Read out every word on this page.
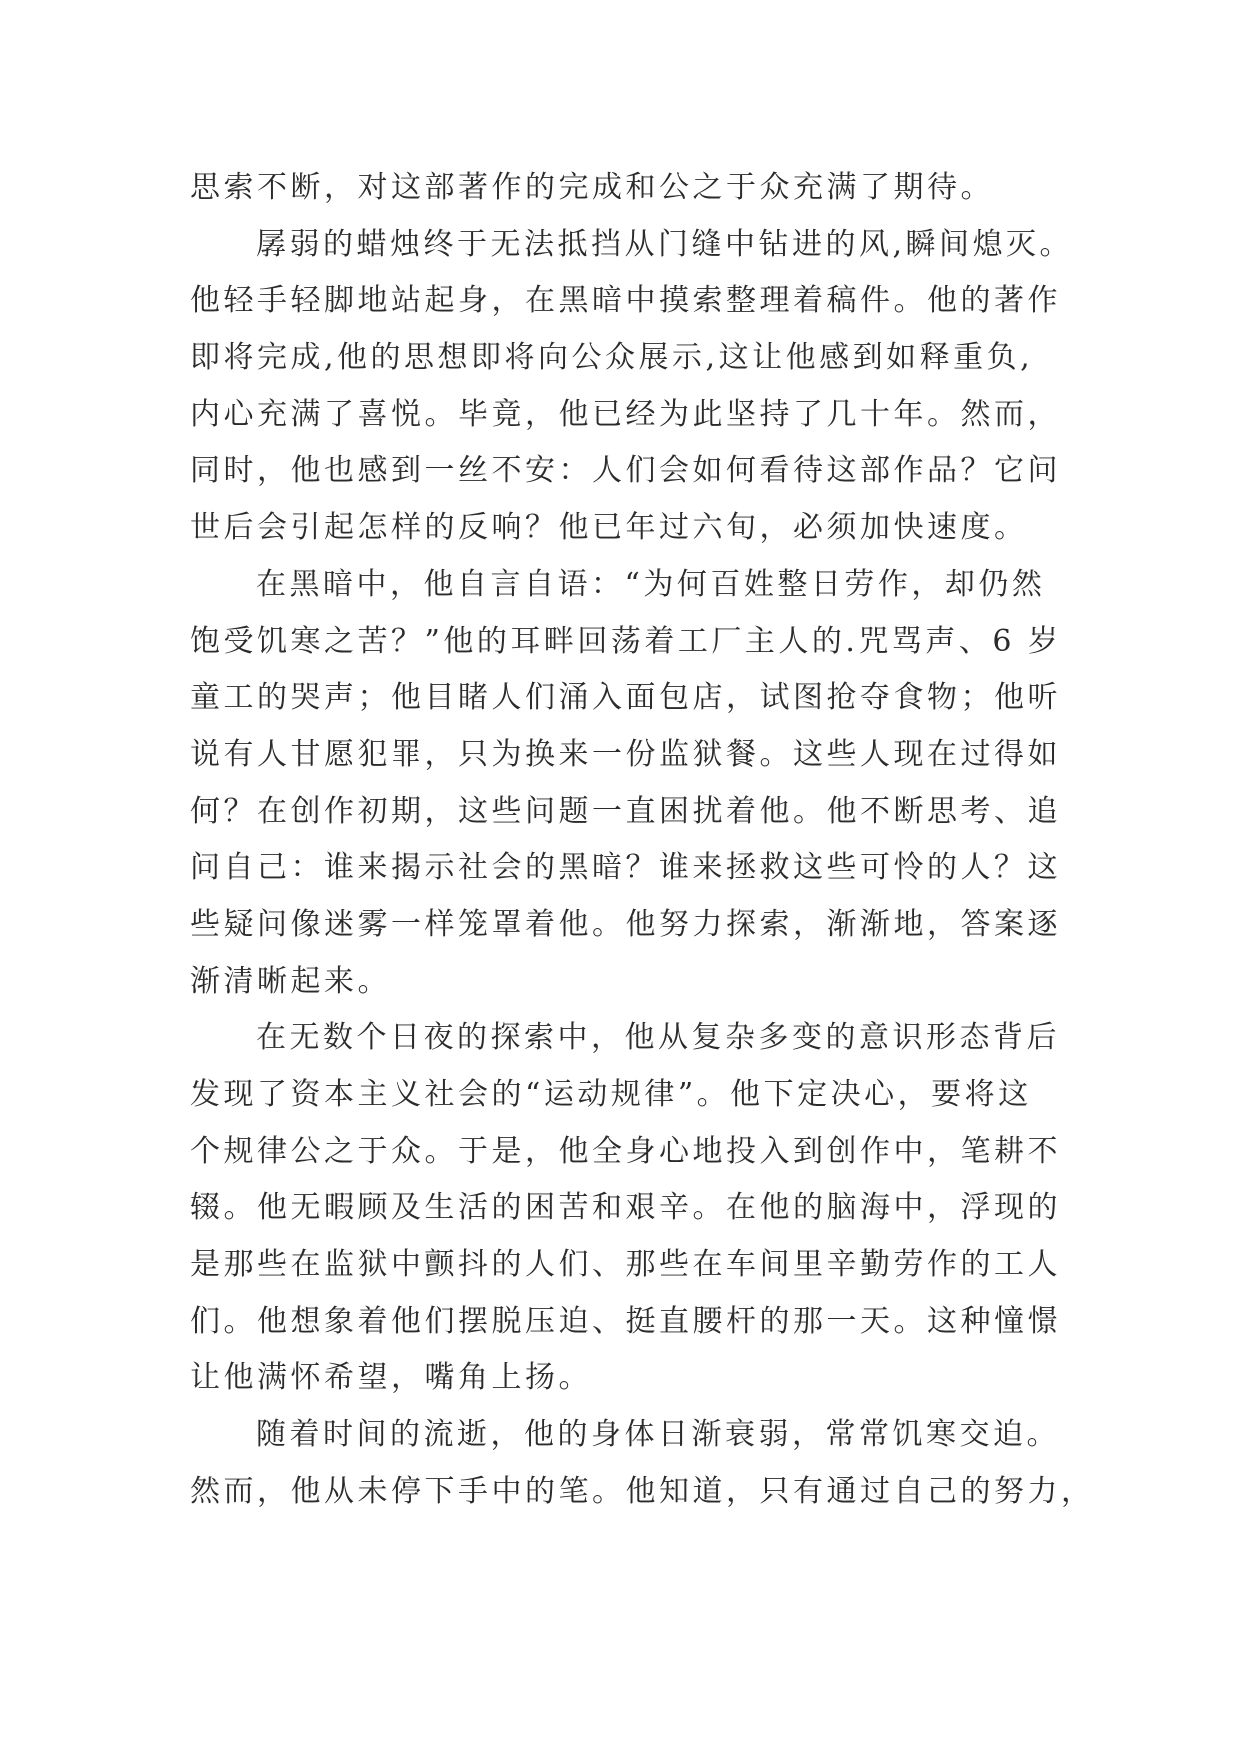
思索不断，对这部著作的完成和公之于众充满了期待。
孱弱的蜡烛终于无法抵挡从门缝中钻进的风,瞬间熄灭。
他轻手轻脚地站起身，在黑暗中摸索整理着稿件。他的著作
即将完成,他的思想即将向公众展示,这让他感到如释重负,
内心充满了喜悦。毕竟，他已经为此坚持了几十年。然而，
同时，他也感到一丝不安：人们会如何看待这部作品？它问
世后会引起怎样的反响？他已年过六旬，必须加快速度。
在黑暗中，他自言自语：“为何百姓整日劳作，却仍然
饱受饥寒之苦？”他的耳畔回荡着工厂主人的.咒骂声、6 岁
童工的哭声；他目睹人们涌入面包店，试图抢夺食物；他听
说有人甘愿犯罪，只为换来一份监狱餐。这些人现在过得如
何？在创作初期，这些问题一直困扰着他。他不断思考、追
问自己：谁来揭示社会的黑暗？谁来拯救这些可怜的人？这
些疑问像迷雾一样笼罩着他。他努力探索，渐渐地，答案逐
渐清晰起来。
在无数个日夜的探索中，他从复杂多变的意识形态背后
发现了资本主义社会的“运动规律”。他下定决心，要将这
个规律公之于众。于是，他全身心地投入到创作中，笔耕不
辍。他无暇顾及生活的困苦和艰辛。在他的脑海中，浮现的
是那些在监狱中颤抖的人们、那些在车间里辛勤劳作的工人
们。他想象着他们摆脱压迫、挺直腰杆的那一天。这种憧憬
让他满怀希望，嘴角上扬。
随着时间的流逝，他的身体日渐衰弱，常常饥寒交迫。
然而，他从未停下手中的笔。他知道，只有通过自己的努力，
